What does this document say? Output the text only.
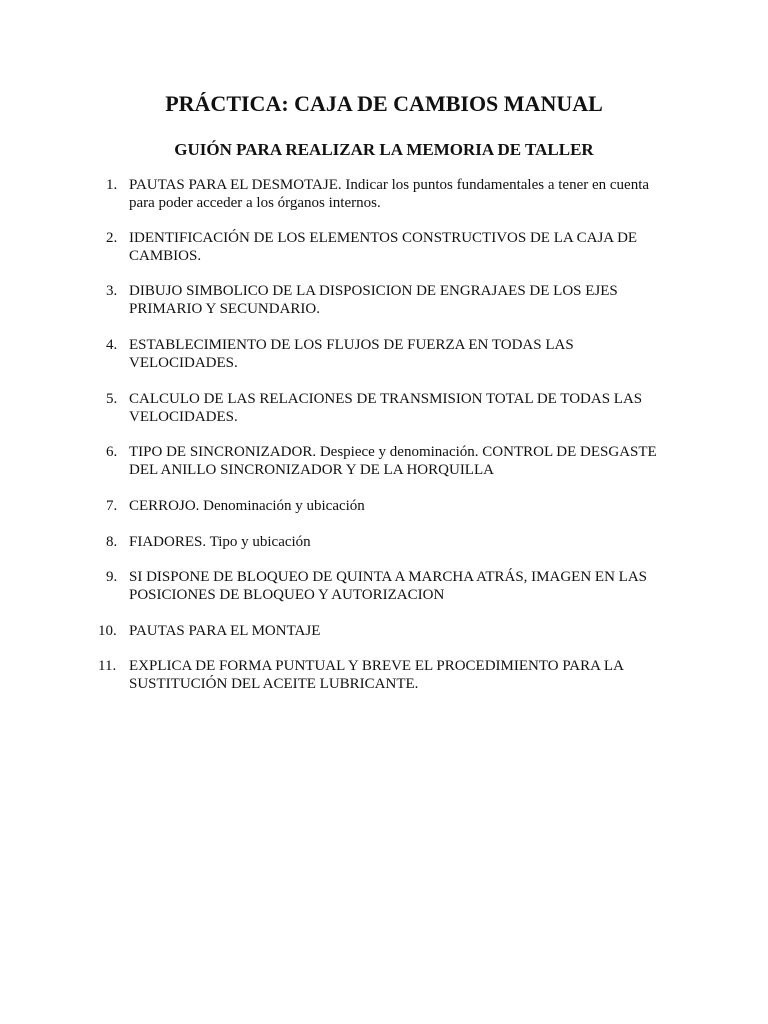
PRÁCTICA: CAJA DE CAMBIOS MANUAL
GUIÓN PARA REALIZAR LA MEMORIA DE TALLER
1. PAUTAS PARA EL DESMOTAJE. Indicar los puntos fundamentales a tener en cuenta para poder acceder a los órganos internos.
2. IDENTIFICACIÓN DE LOS ELEMENTOS CONSTRUCTIVOS DE LA CAJA DE CAMBIOS.
3. DIBUJO SIMBOLICO DE LA DISPOSICION DE ENGRAJAES DE LOS EJES PRIMARIO Y SECUNDARIO.
4. ESTABLECIMIENTO DE LOS FLUJOS DE FUERZA EN TODAS LAS VELOCIDADES.
5. CALCULO DE LAS RELACIONES DE TRANSMISION TOTAL DE TODAS LAS VELOCIDADES.
6. TIPO DE SINCRONIZADOR. Despiece y denominación. CONTROL DE DESGASTE DEL ANILLO SINCRONIZADOR Y DE LA HORQUILLA
7. CERROJO. Denominación y ubicación
8. FIADORES. Tipo y ubicación
9. SI DISPONE DE BLOQUEO DE QUINTA A MARCHA ATRÁS, IMAGEN EN LAS POSICIONES DE BLOQUEO Y AUTORIZACION
10. PAUTAS PARA EL MONTAJE
11. EXPLICA DE FORMA PUNTUAL Y BREVE EL PROCEDIMIENTO PARA LA SUSTITUCIÓN DEL ACEITE LUBRICANTE.
